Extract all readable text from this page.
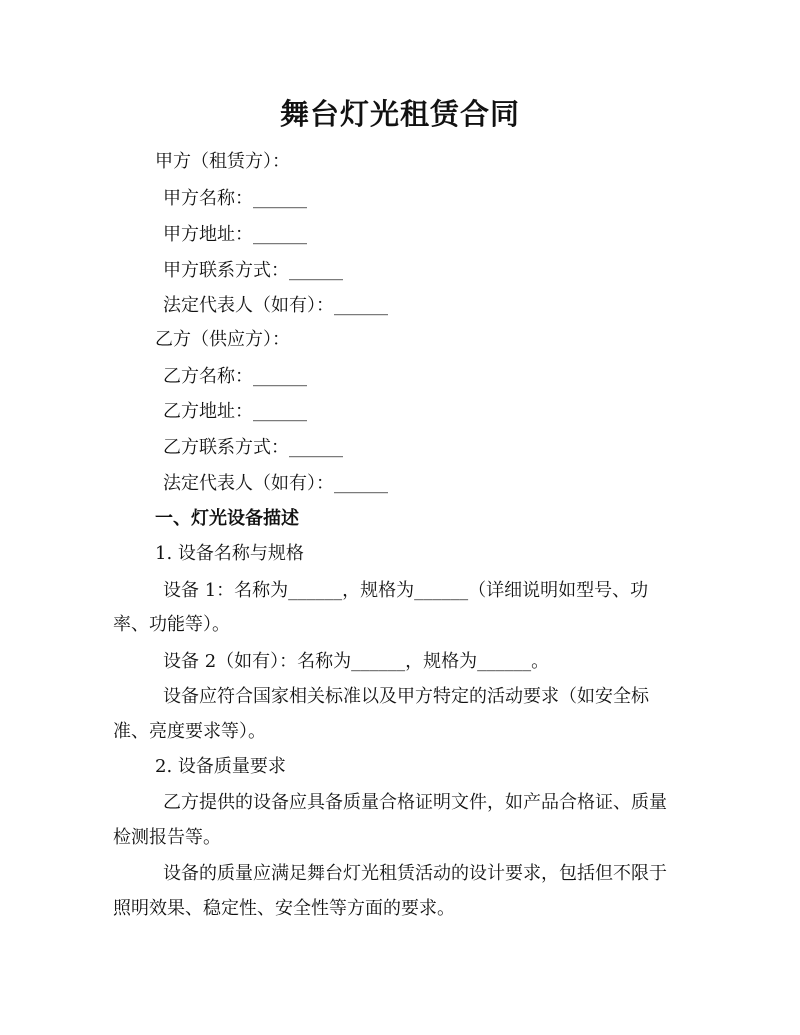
舞台灯光租赁合同
甲方（租赁方）：
甲方名称：______
甲方地址：______
甲方联系方式：______
法定代表人（如有）：______
乙方（供应方）：
乙方名称：______
乙方地址：______
乙方联系方式：______
法定代表人（如有）：______
一、灯光设备描述
1. 设备名称与规格
设备 1：名称为______，规格为______（详细说明如型号、功
率、功能等）。
设备 2（如有）：名称为______，规格为______。
设备应符合国家相关标准以及甲方特定的活动要求（如安全标
准、亮度要求等）。
2. 设备质量要求
乙方提供的设备应具备质量合格证明文件，如产品合格证、质量
检测报告等。
设备的质量应满足舞台灯光租赁活动的设计要求，包括但不限于
照明效果、稳定性、安全性等方面的要求。
